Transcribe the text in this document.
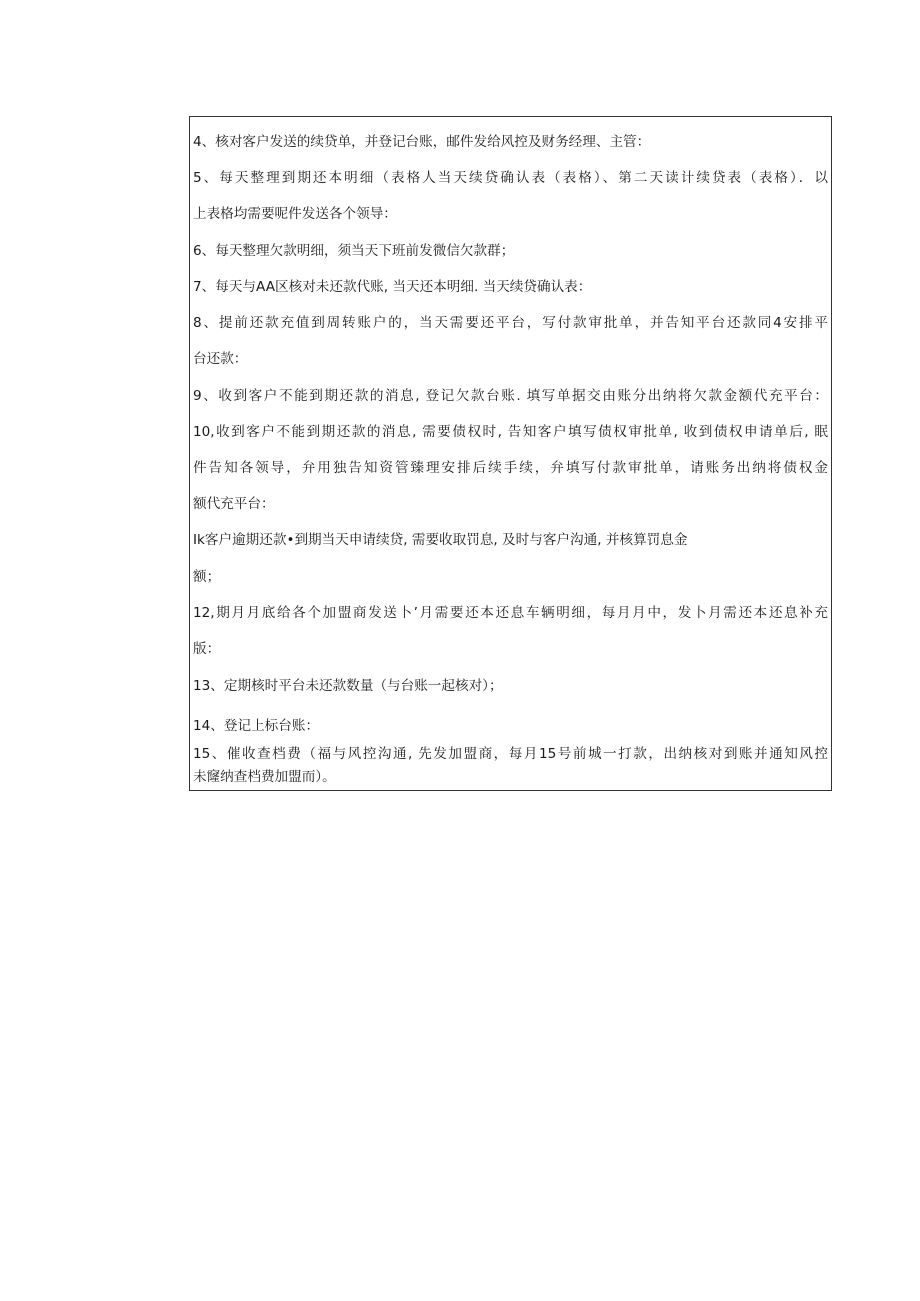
4、核对客户发送的续贷单，并登记台账，邮件发给风控及财务经理、主管：
5、每天整理到期还本明细（表格人当天续贷确认表（表格）、第二天读计续贷表（表格）．以
上表格均需要呢件发送各个领导：
6、每天整理欠款明细，须当天下班前发微信欠款群；
7、每天与AA区核对未还款代账, 当天还本明细. 当天续贷确认表：
8、提前还款充值到周转账户的，当天需要还平台，写付款审批单，并告知平台还款同4安排平
台还款：
9、收到客户不能到期还款的消息, 登记欠款台账. 填写单据交由账分出纳将欠款金额代充平台：
10,收到客户不能到期还款的消息, 需要债权时, 告知客户填写债权审批单, 收到债权申请单后, 眠
件告知各领导，弁用独告知资管臻理安排后续手续，弁填写付款审批单，请账务出纳将债权金
额代充平台：
Ik客户逾期还款•到期当天申请续贷, 需要收取罚息, 及时与客户沟通, 并核算罚息金
额；
12,期月月底给各个加盟商发送卜’月需要还本还息车辆明细，每月月中，发卜月需还本还息补充
版：
13、定期核时平台未还款数量（与台账一起核对）；
14、登记上标台账：
15、催收查档费（福与风控沟通, 先发加盟商，每月15号前城一打款，出纳核对到账并通知风控
未窿纳查档费加盟而）。
